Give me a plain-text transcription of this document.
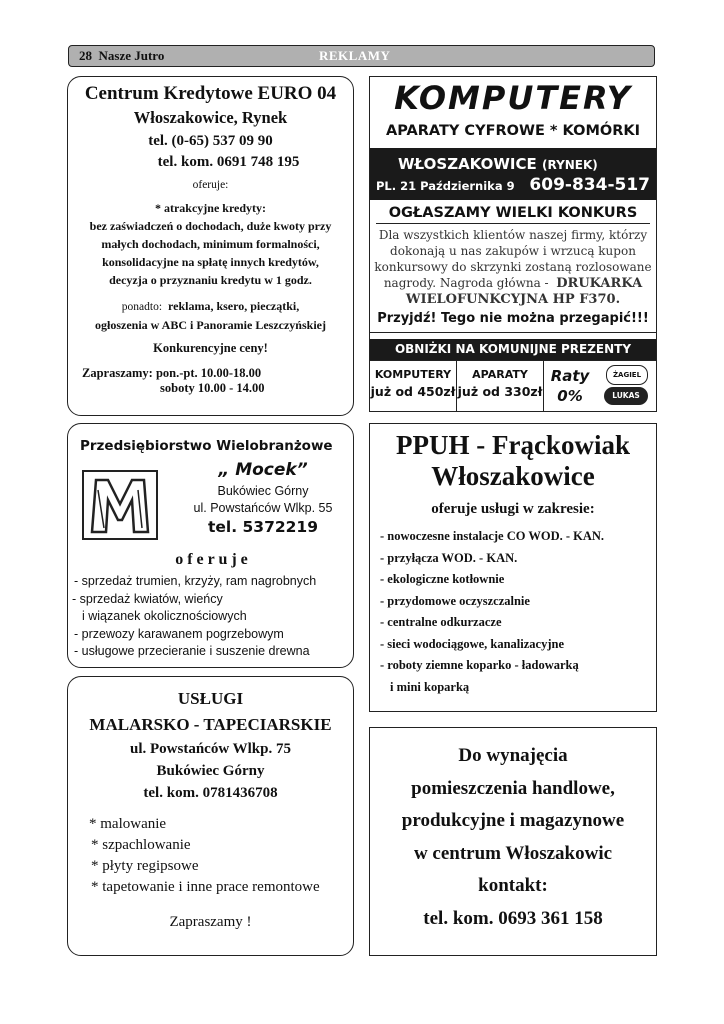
28 Nasze Jutro	REKLAMY
Centrum Kredytowe EURO 04
Włoszakowice, Rynek
tel. (0-65) 537 09 90
tel. kom. 0691 748 195
oferuje:
* atrakcyjne kredyty:
bez zaświadczeń o dochodach, duże kwoty przy
małych dochodach, minimum formalności,
konsolidacyjne na spłatę innych kredytów,
decyzja o przyznaniu kredytu w 1 godz.
ponadto: reklama, ksero, pieczątki,
ogłoszenia w ABC i Panoramie Leszczyńskiej
Konkurencyjne ceny!
Zapraszamy: pon.-pt. 10.00-18.00
soboty 10.00 - 14.00
KOMPUTERY
APARATY CYFROWE * KOMÓRKI
WŁOSZAKOWICE (RYNEK)
PL. 21 Października 9 609-834-517
OGŁASZAMY WIELKI KONKURS
Dla wszystkich klientów naszej firmy, którzy
dokonają u nas zakupów i wrzucą kupon
konkursowy do skrzynki zostaną rozlosowane
nagrody. Nagroda główna - DRUKARKA
WIELOFUNKCYJNA HP F370.
Przyjdź! Tego nie można przegapić!!!
OBNIŻKI NA KOMUNIJNE PREZENTY
KOMPUTERY
już od 450zł
APARATY
już od 330zł
Raty
0%
ŻAGIEL
LUKAS
Przedsiębiorstwo Wielobranżowe
„ Mocek”
Bukówiec Górny
ul. Powstańców Wlkp. 55
tel. 5372219
o f e r u j e
- sprzedaż trumien, krzyży, ram nagrobnych
- sprzedaż kwiatów, wieńcy
i wiązanek okolicznościowych
- przewozy karawanem pogrzebowym
- usługowe przecieranie i suszenie drewna
PPUH - Frąckowiak
Włoszakowice
oferuje usługi w zakresie:
- nowoczesne instalacje CO WOD. - KAN.
- przyłącza WOD. - KAN.
- ekologiczne kotłownie
- przydomowe oczyszczalnie
- centralne odkurzacze
- sieci wodociągowe, kanalizacyjne
- roboty ziemne koparko - ładowarką
i mini koparką
USŁUGI
MALARSKO - TAPECIARSKIE
ul. Powstańców Wlkp. 75
Bukówiec Górny
tel. kom. 0781436708
* malowanie
* szpachlowanie
* płyty regipsowe
* tapetowanie i inne prace remontowe
Zapraszamy !
Do wynajęcia
pomieszczenia handlowe,
produkcyjne i magazynowe
w centrum Włoszakowic
kontakt:
tel. kom. 0693 361 158
